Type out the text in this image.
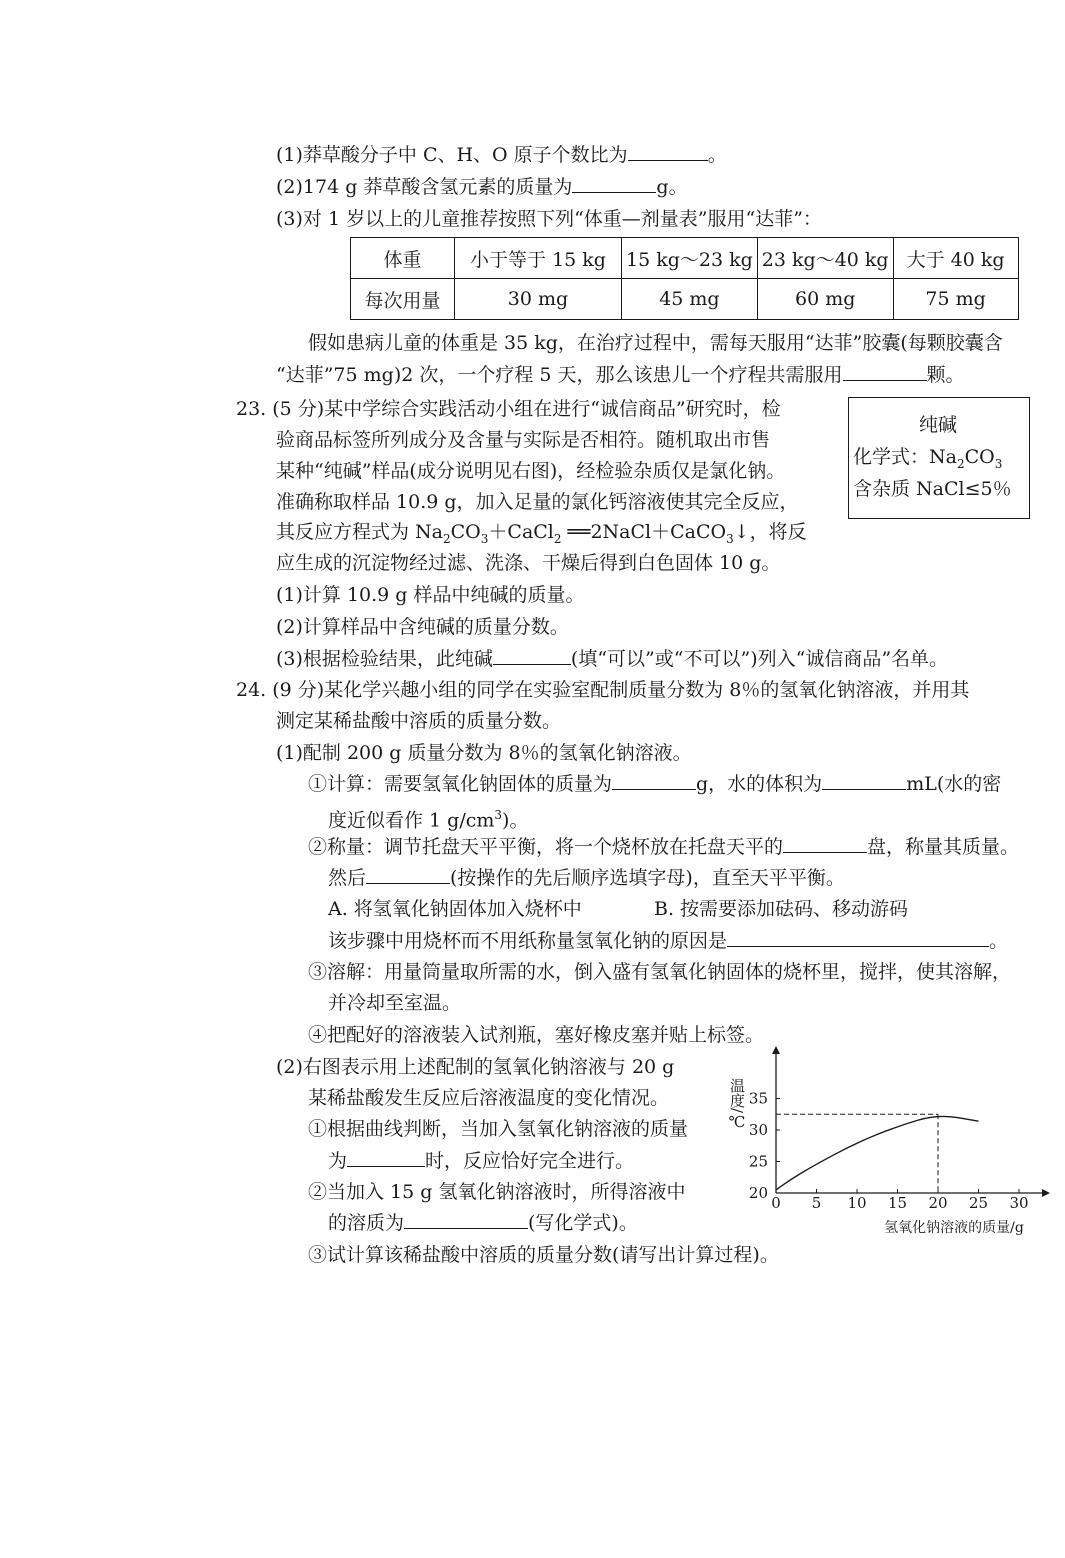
(1)莽草酸分子中 C、H、O 原子个数比为	。
(2)174 g 莽草酸含氢元素的质量为	g。
(3)对 1 岁以上的儿童推荐按照下列“体重—剂量表”服用“达菲”：
体重	小于等于 15 kg	15 kg～23 kg	23 kg～40 kg	大于 40 kg
每次用量	30 mg	45 mg	60 mg	75 mg
假如患病儿童的体重是 35 kg，在治疗过程中，需每天服用“达菲”胶囊(每颗胶囊含
“达菲”75 mg)2 次，一个疗程 5 天，那么该患儿一个疗程共需服用	颗。
23. (5 分)某中学综合实践活动小组在进行“诚信商品”研究时，检
验商品标签所列成分及含量与实际是否相符。随机取出市售
某种“纯碱”样品(成分说明见右图)，经检验杂质仅是氯化钠。
准确称取样品 10.9 g，加入足量的氯化钙溶液使其完全反应，
其反应方程式为 $Na_2CO_3+CaCl_2$ ══2NaCl＋CaCO$_3$↓，将反
应生成的沉淀物经过滤、洗涤、干燥后得到白色固体 10 g。
(1)计算 10.9 g 样品中纯碱的质量。
(2)计算样品中含纯碱的质量分数。
(3)根据检验结果，此纯碱	(填“可以”或“不可以”)列入“诚信商品”名单。
纯碱
化学式：$Na_2CO_3$
含杂质 NaCl≤5％
24. (9 分)某化学兴趣小组的同学在实验室配制质量分数为 8％的氢氧化钠溶液，并用其
测定某稀盐酸中溶质的质量分数。
(1)配制 200 g 质量分数为 8％的氢氧化钠溶液。
①计算：需要氢氧化钠固体的质量为	g，水的体积为	mL(水的密
度近似看作 1 $g/cm^3$)。
②称量：调节托盘天平平衡，将一个烧杯放在托盘天平的	盘，称量其质量。
然后	(按操作的先后顺序选填字母)，直至天平平衡。
A. 将氢氧化钠固体加入烧杯中	B. 按需要添加砝码、移动游码
该步骤中用烧杯而不用纸称量氢氧化钠的原因是	。
③溶解：用量筒量取所需的水，倒入盛有氢氧化钠固体的烧杯里，搅拌，使其溶解，
并冷却至室温。
④把配好的溶液装入试剂瓶，塞好橡皮塞并贴上标签。
(2)右图表示用上述配制的氢氧化钠溶液与 20 g
某稀盐酸发生反应后溶液温度的变化情况。
①根据曲线判断，当加入氢氧化钠溶液的质量
为	时，反应恰好完全进行。
②当加入 15 g 氢氧化钠溶液时，所得溶液中
的溶质为	(写化学式)。
③试计算该稀盐酸中溶质的质量分数(请写出计算过程)。
0 5 10 15 20 25 30
20
25
30
35
氢氧化钠溶液的质量/g
温度/℃
